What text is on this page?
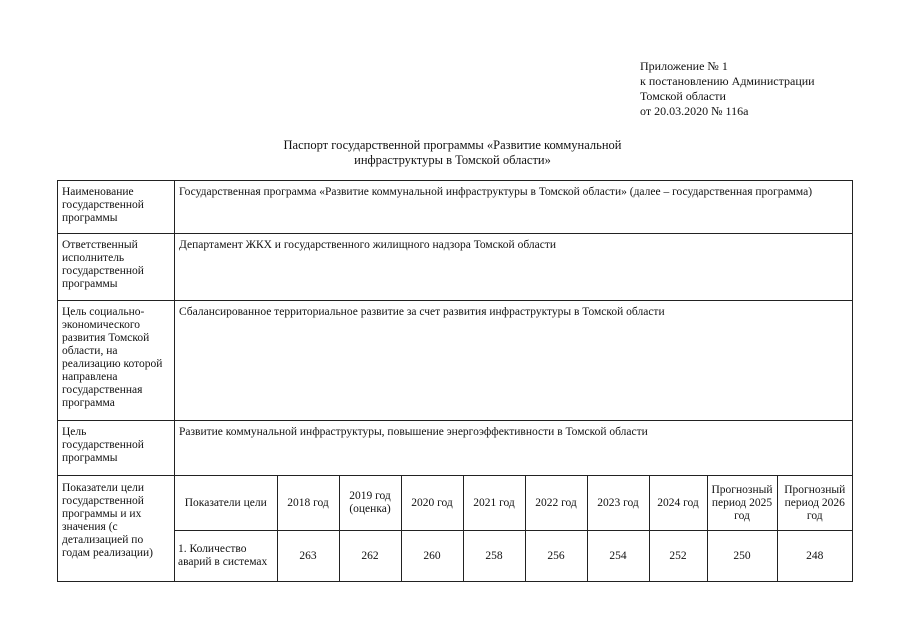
Приложение № 1
к постановлению Администрации
Томской области
от 20.03.2020 № 116а
Паспорт государственной программы «Развитие коммунальной
инфраструктуры в Томской области»
Наименование государственной программы	Государственная программа «Развитие коммунальной инфраструктуры в Томской области» (далее – государственная программа)
Ответственный исполнитель государственной программы	Департамент ЖКХ и государственного жилищного надзора Томской области
Цель социально-экономического развития Томской области, на реализацию которой направлена государственная программа	Сбалансированное территориальное развитие за счет развития инфраструктуры в Томской области
Цель государственной программы	Развитие коммунальной инфраструктуры, повышение энергоэффективности в Томской области
Показатели цели государственной программы и их значения (с детализацией по годам реализации)	
Показатели цели	2018 год	2019 год (оценка)	2020 год	2021 год	2022 год	2023 год	2024 год	Прогнозный период 2025 год	Прогнозный период 2026 год
1. Количество аварий в системах	263	262	260	258	256	254	252	250	248
